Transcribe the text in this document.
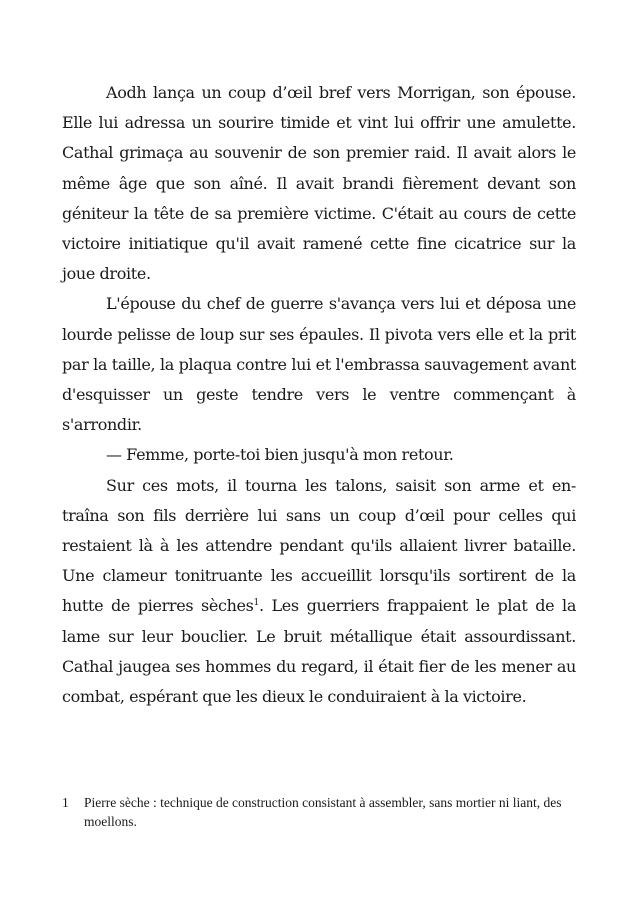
Aodh lança un coup d’œil bref vers Morrigan, son épouse. Elle lui adressa un sourire timide et vint lui offrir une amulette. Cathal grimaça au souvenir de son premier raid. Il avait alors le même âge que son aîné. Il avait brandi fièrement devant son géniteur la tête de sa première victime. C'était au cours de cette victoire initiatique qu'il avait ramené cette fine cicatrice sur la joue droite.

L'épouse du chef de guerre s'avança vers lui et déposa une lourde pelisse de loup sur ses épaules. Il pivota vers elle et la prit par la taille, la plaqua contre lui et l'embrassa sauvagement avant d'esquisser un geste tendre vers le ventre commençant à s'arrondir.

— Femme, porte-toi bien jusqu'à mon retour.

Sur ces mots, il tourna les talons, saisit son arme et en-traîna son fils derrière lui sans un coup d’œil pour celles qui restaient là à les attendre pendant qu'ils allaient livrer bataille. Une clameur tonitruante les accueillit lorsqu'ils sortirent de la hutte de pierres sèches$^1$. Les guerriers frappaient le plat de la lame sur leur bouclier. Le bruit métallique était assourdissant. Cathal jaugea ses hommes du regard, il était fier de les mener au combat, espérant que les dieux le conduiraient à la victoire.

1 Pierre sèche : technique de construction consistant à assembler, sans mortier ni liant, des moellons.
